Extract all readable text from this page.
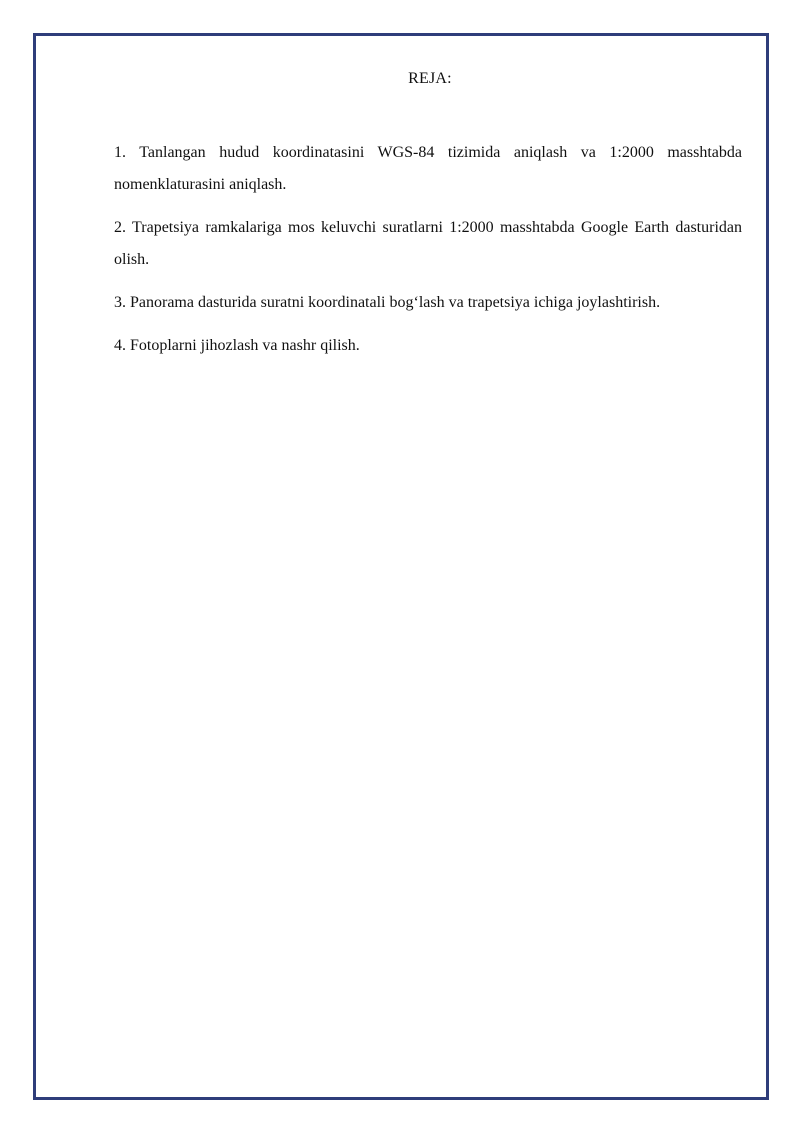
REJA:
1. Tanlangan hudud koordinatasini WGS-84 tizimida aniqlash va 1:2000 masshtabda nomenklaturasini aniqlash.
2. Trapetsiya ramkalariga mos keluvchi suratlarni 1:2000 masshtabda Google Earth dasturidan olish.
3. Panorama dasturida suratni koordinatali bog‘lash va trapetsiya ichiga joylashtirish.
4. Fotoplarni jihozlash va nashr qilish.
